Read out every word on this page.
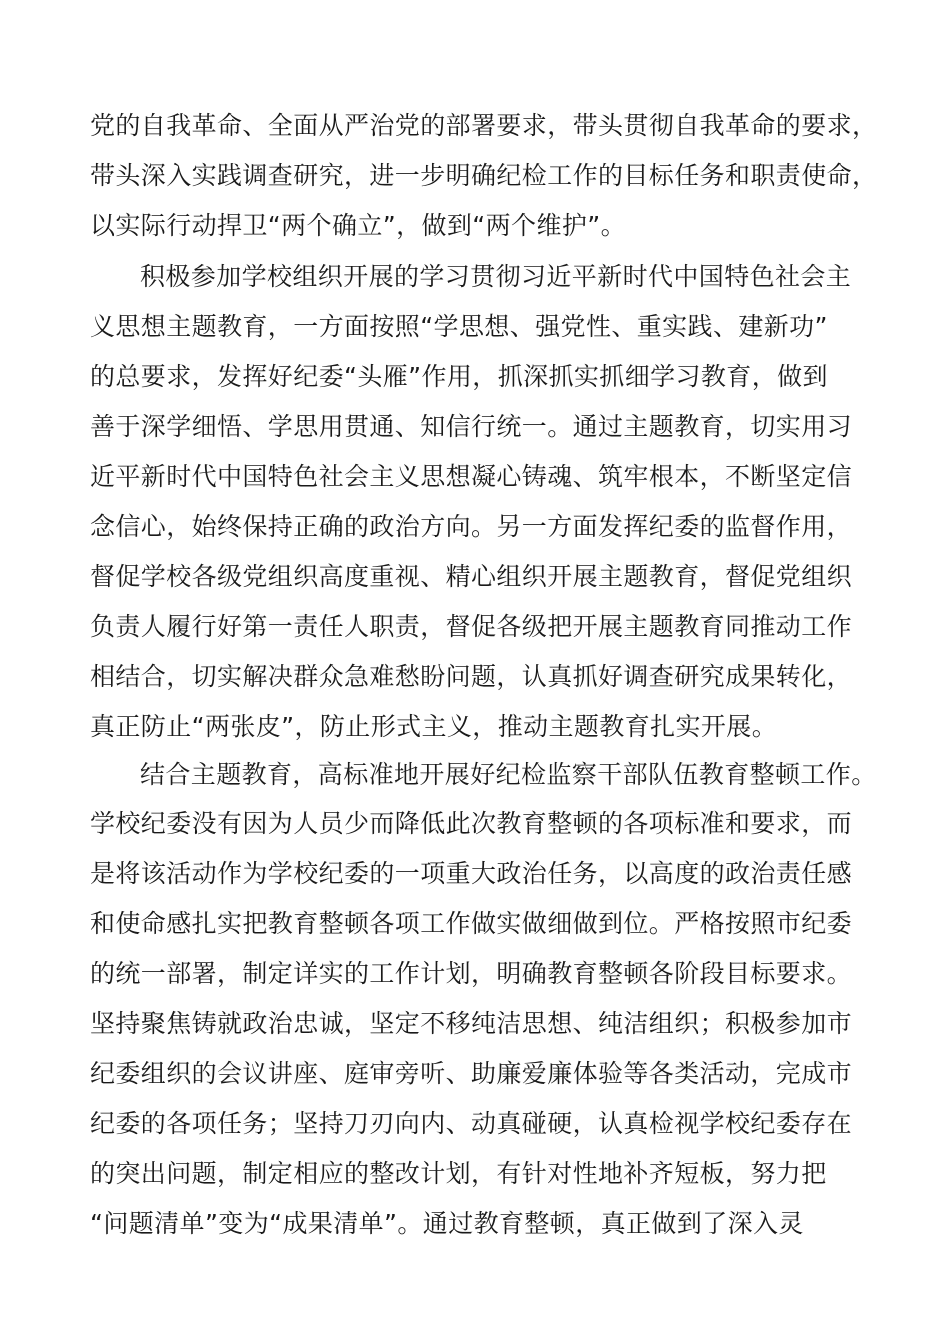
党的自我革命、全面从严治党的部署要求，带头贯彻自我革命的要求，
带头深入实践调查研究，进一步明确纪检工作的目标任务和职责使命，
以实际行动捍卫“两个确立”，做到“两个维护”。
积极参加学校组织开展的学习贯彻习近平新时代中国特色社会主
义思想主题教育，一方面按照“学思想、强党性、重实践、建新功”
的总要求，发挥好纪委“头雁”作用，抓深抓实抓细学习教育，做到
善于深学细悟、学思用贯通、知信行统一。通过主题教育，切实用习
近平新时代中国特色社会主义思想凝心铸魂、筑牢根本，不断坚定信
念信心，始终保持正确的政治方向。另一方面发挥纪委的监督作用，
督促学校各级党组织高度重视、精心组织开展主题教育，督促党组织
负责人履行好第一责任人职责，督促各级把开展主题教育同推动工作
相结合，切实解决群众急难愁盼问题，认真抓好调查研究成果转化，
真正防止“两张皮”，防止形式主义，推动主题教育扎实开展。
结合主题教育，高标准地开展好纪检监察干部队伍教育整顿工作。
学校纪委没有因为人员少而降低此次教育整顿的各项标准和要求，而
是将该活动作为学校纪委的一项重大政治任务，以高度的政治责任感
和使命感扎实把教育整顿各项工作做实做细做到位。严格按照市纪委
的统一部署，制定详实的工作计划，明确教育整顿各阶段目标要求。
坚持聚焦铸就政治忠诚，坚定不移纯洁思想、纯洁组织；积极参加市
纪委组织的会议讲座、庭审旁听、助廉爱廉体验等各类活动，完成市
纪委的各项任务；坚持刀刃向内、动真碰硬，认真检视学校纪委存在
的突出问题，制定相应的整改计划，有针对性地补齐短板，努力把
“问题清单”变为“成果清单”。通过教育整顿，真正做到了深入灵
